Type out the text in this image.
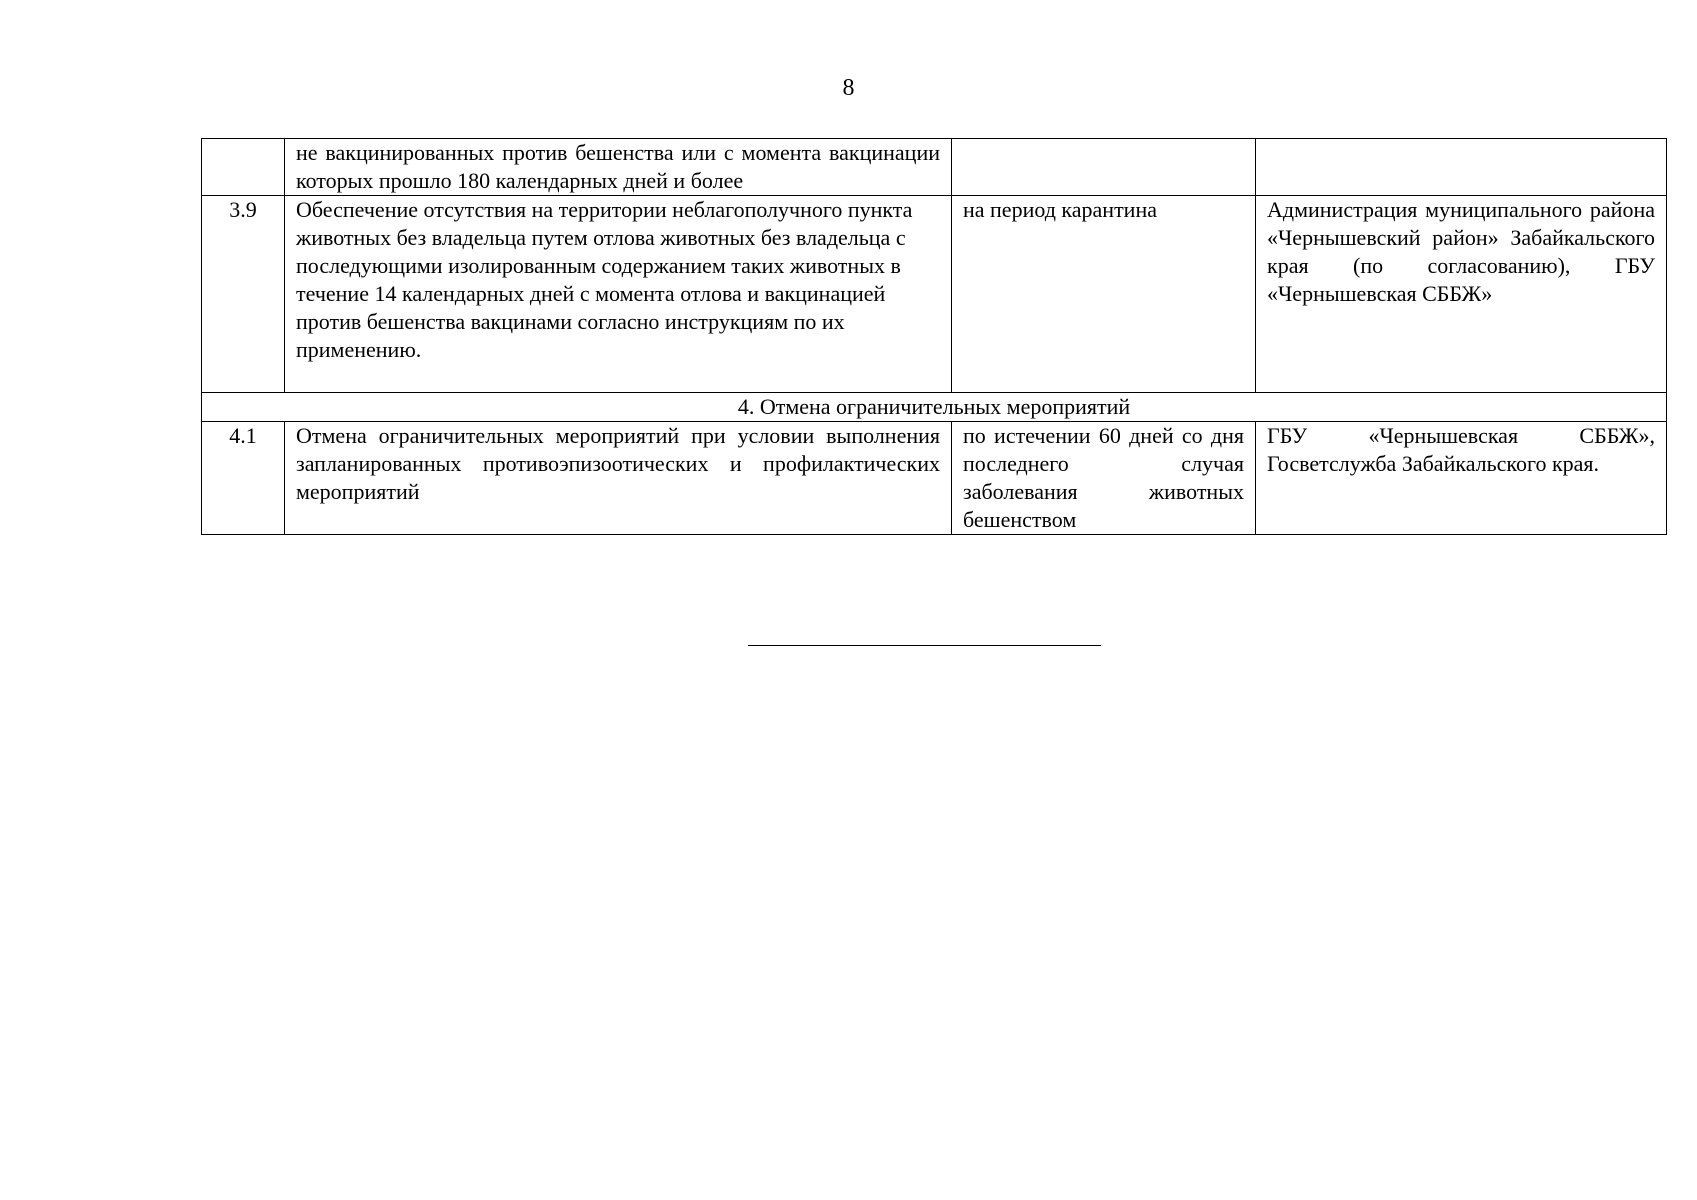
8
	не вакцинированных против бешенства или с момента вакцинации которых прошло 180 календарных дней и более		
3.9	Обеспечение отсутствия на территории неблагополучного пункта животных без владельца путем отлова животных без владельца с последующими изолированным содержанием таких животных в течение 14 календарных дней с момента отлова и вакцинацией против бешенства вакцинами согласно инструкциям по их применению.	на период карантина	Администрация муниципального района «Чернышевский район» Забайкальского края (по согласованию), ГБУ «Чернышевская СББЖ»
4. Отмена ограничительных мероприятий			
4.1	Отмена ограничительных мероприятий при условии выполнения запланированных противоэпизоотических и профилактических мероприятий	по истечении 60 дней со дня последнего случая заболевания животных бешенством	ГБУ «Чернышевская СББЖ», Госветслужба Забайкальского края.
